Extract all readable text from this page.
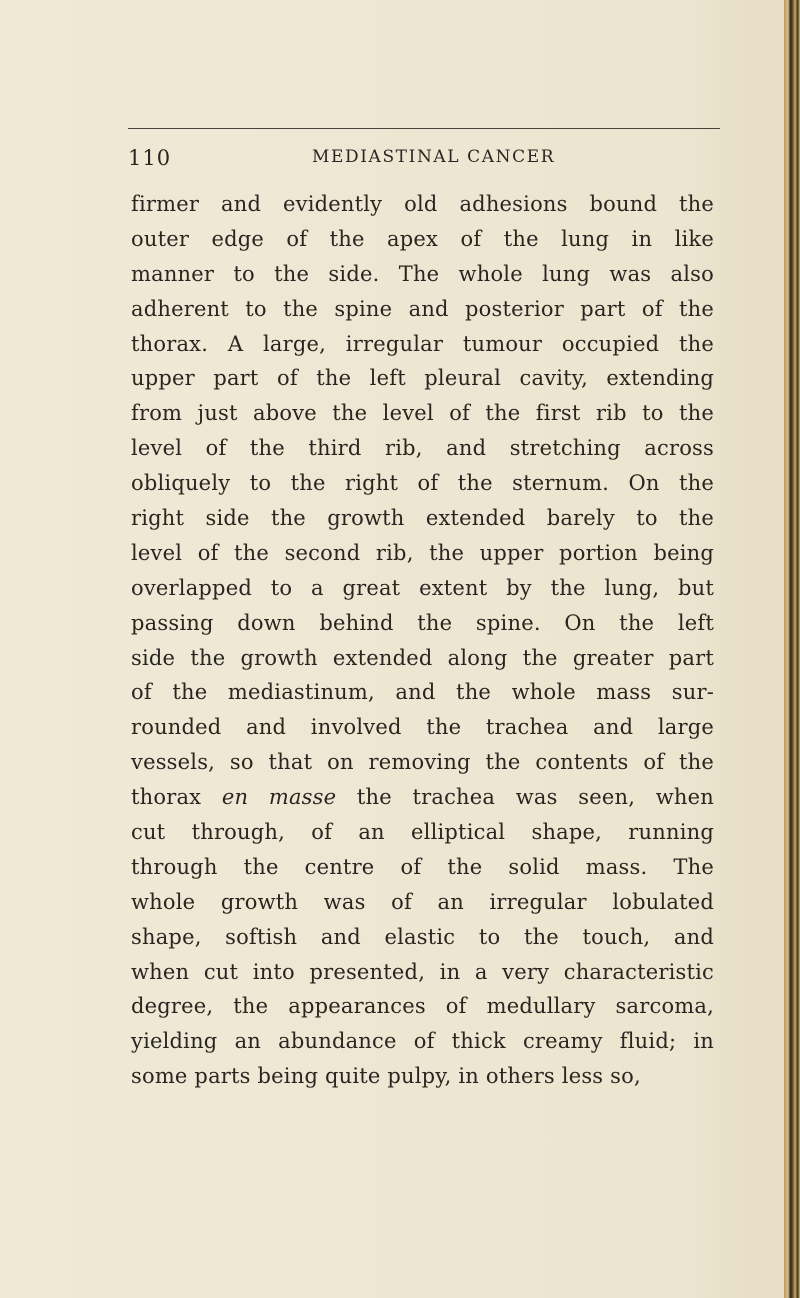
110	MEDIASTINAL CANCER
firmer and evidently old adhesions bound the
outer edge of the apex of the lung in like
manner to the side. The whole lung was also
adherent to the spine and posterior part of the
thorax. A large, irregular tumour occupied the
upper part of the left pleural cavity, extending
from just above the level of the first rib to the
level of the third rib, and stretching across
obliquely to the right of the sternum. On the
right side the growth extended barely to the
level of the second rib, the upper portion being
overlapped to a great extent by the lung, but
passing down behind the spine. On the left
side the growth extended along the greater part
of the mediastinum, and the whole mass sur-
rounded and involved the trachea and large
vessels, so that on removing the contents of the
thorax en masse the trachea was seen, when
cut through, of an elliptical shape, running
through the centre of the solid mass. The
whole growth was of an irregular lobulated
shape, softish and elastic to the touch, and
when cut into presented, in a very characteristic
degree, the appearances of medullary sarcoma,
yielding an abundance of thick creamy fluid; in
some parts being quite pulpy, in others less so,
